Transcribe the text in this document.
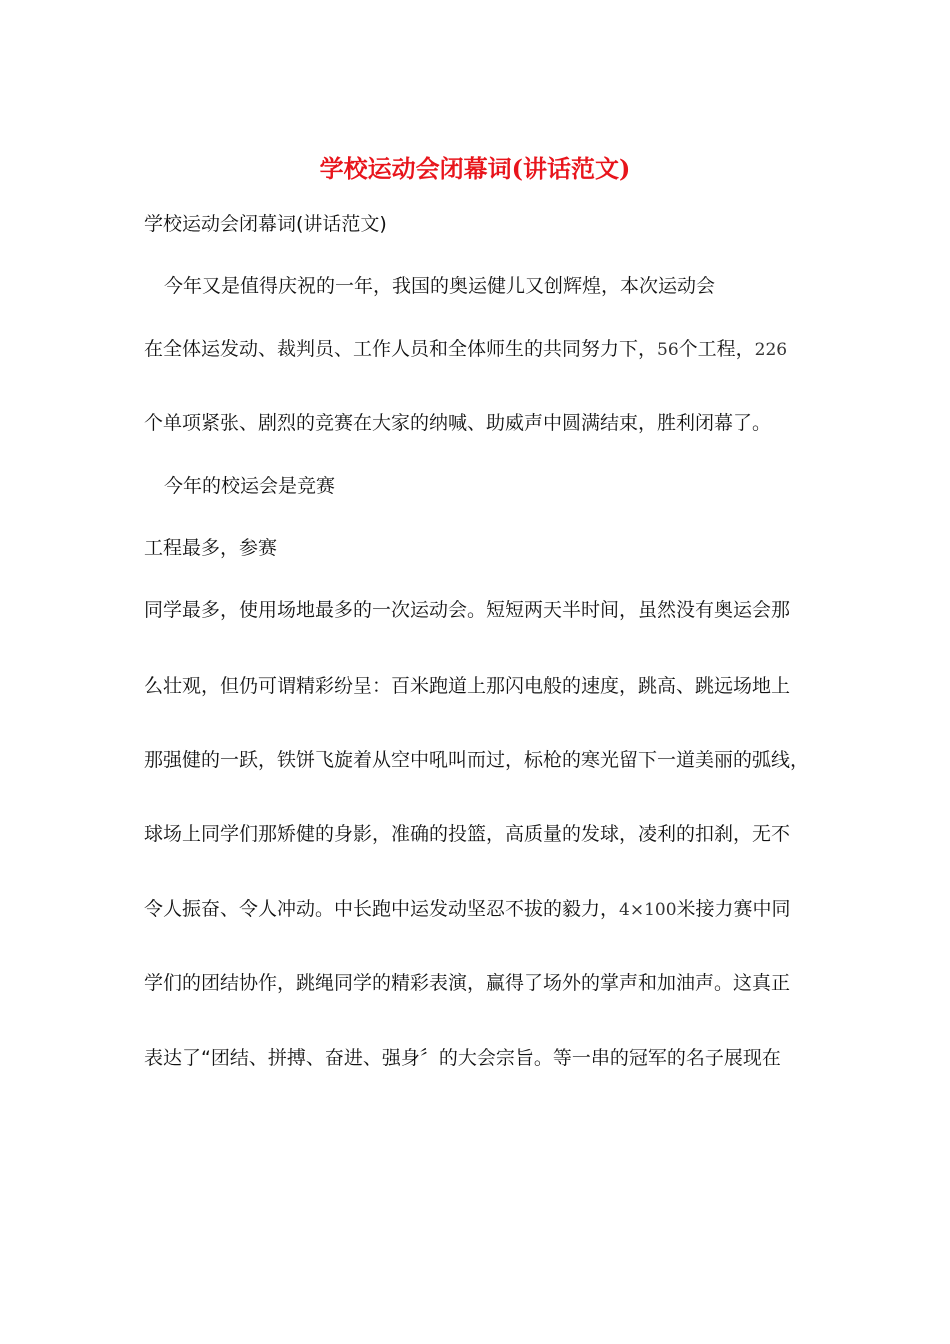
学校运动会闭幕词(讲话范文)
学校运动会闭幕词(讲话范文)
今年又是值得庆祝的一年，我国的奥运健儿又创辉煌，本次运动会
在全体运发动、裁判员、工作人员和全体师生的共同努力下，56个工程，226
个单项紧张、剧烈的竞赛在大家的纳喊、助威声中圆满结束，胜利闭幕了。
今年的校运会是竞赛
工程最多，参赛
同学最多，使用场地最多的一次运动会。短短两天半时间，虽然没有奥运会那
么壮观，但仍可谓精彩纷呈：百米跑道上那闪电般的速度，跳高、跳远场地上
那强健的一跃，铁饼飞旋着从空中吼叫而过，标枪的寒光留下一道美丽的弧线，
球场上同学们那矫健的身影，准确的投篮，高质量的发球，凌利的扣刹，无不
令人振奋、令人冲动。中长跑中运发动坚忍不拔的毅力，4×100米接力赛中同
学们的团结协作，跳绳同学的精彩表演，赢得了场外的掌声和加油声。这真正
表达了“团结、拼搏、奋进、强身〞的大会宗旨。等一串的冠军的名子展现在
